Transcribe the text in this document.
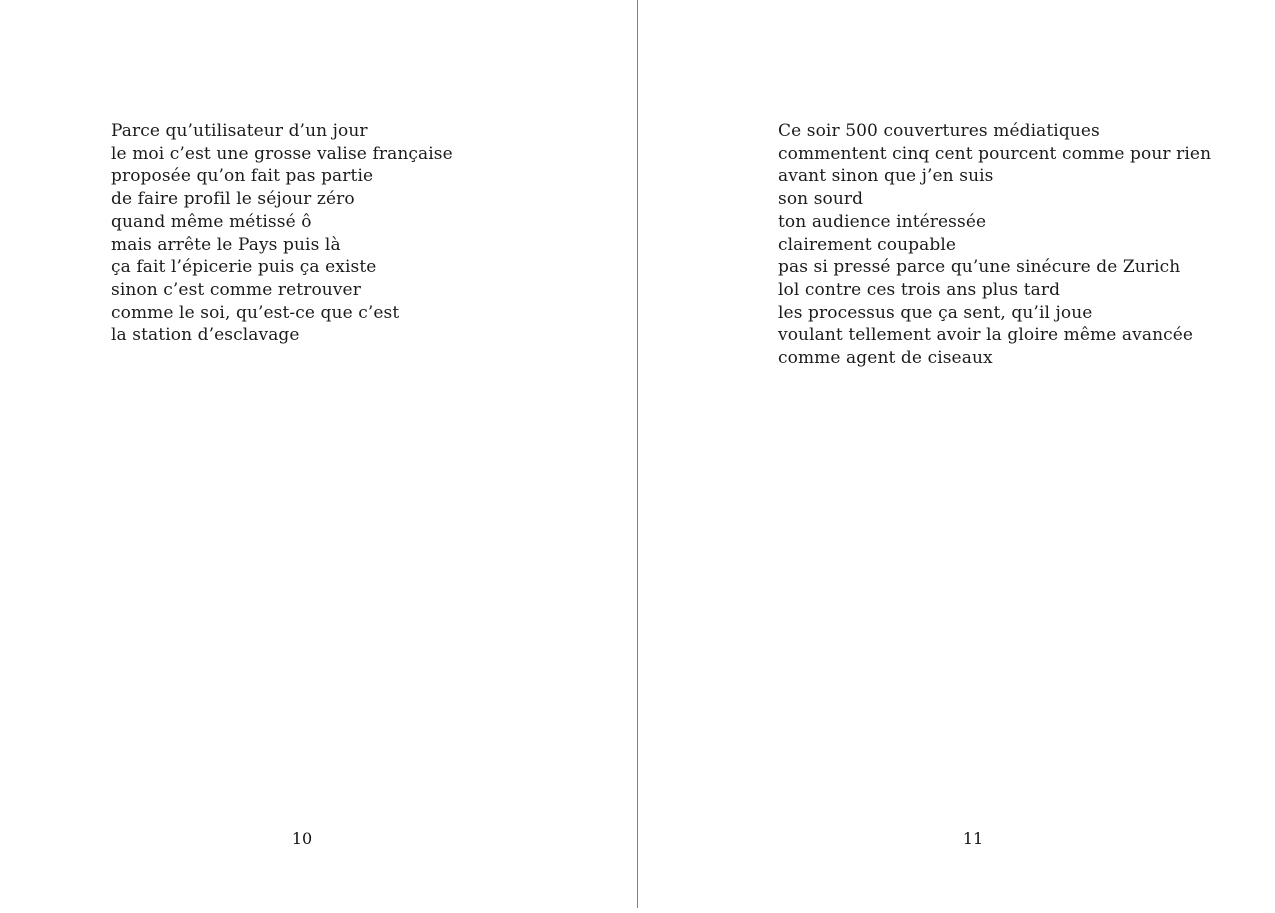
Parce qu’utilisateur d’un jour
le moi c’est une grosse valise française
proposée qu’on fait pas partie
de faire profil le séjour zéro
quand même métissé ô
mais arrête le Pays puis là
ça fait l’épicerie puis ça existe
sinon c’est comme retrouver
comme le soi, qu’est-ce que c’est
la station d’esclavage
10
Ce soir 500 couvertures médiatiques
commentent cinq cent pourcent comme pour rien
avant sinon que j’en suis
son sourd
ton audience intéressée
clairement coupable
pas si pressé parce qu’une sinécure de Zurich
lol contre ces trois ans plus tard
les processus que ça sent, qu’il joue
voulant tellement avoir la gloire même avancée
comme agent de ciseaux
11
